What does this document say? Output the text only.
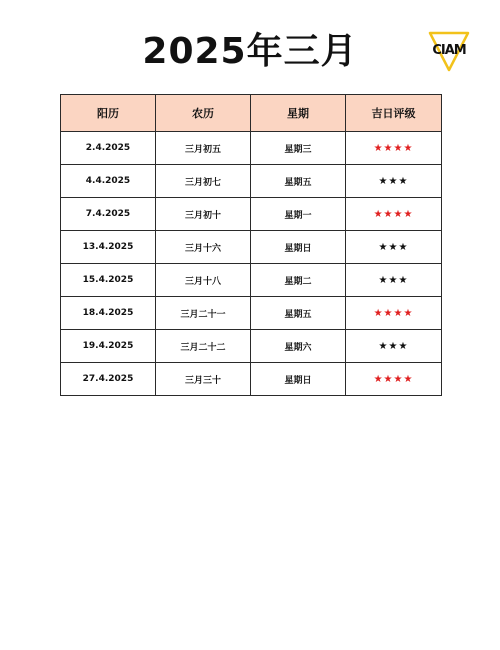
2025年三月	CIAM
阳历	农历	星期	吉日评级
2.4.2025	三月初五	星期三	★★★★
4.4.2025	三月初七	星期五	★★★
7.4.2025	三月初十	星期一	★★★★
13.4.2025	三月十六	星期日	★★★
15.4.2025	三月十八	星期二	★★★
18.4.2025	三月二十一	星期五	★★★★
19.4.2025	三月二十二	星期六	★★★
27.4.2025	三月三十	星期日	★★★★
